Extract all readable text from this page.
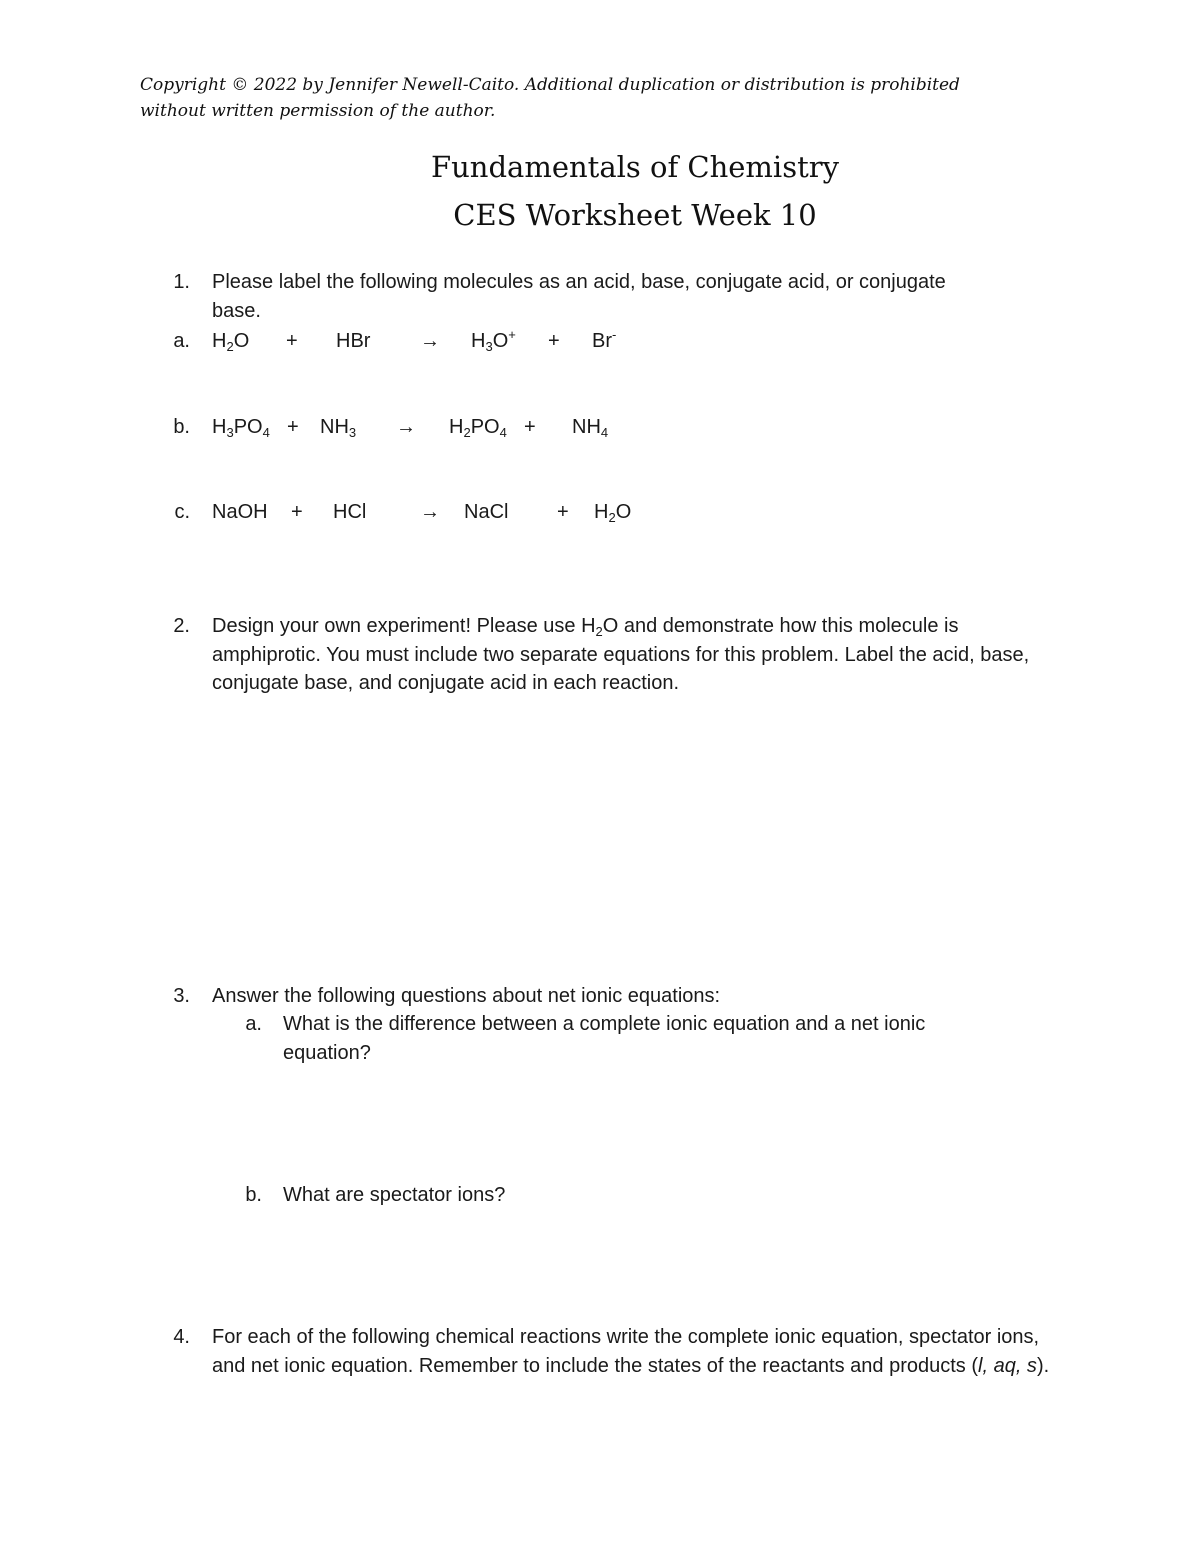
Copyright © 2022 by Jennifer Newell-Caito. Additional duplication or distribution is prohibited
without written permission of the author.
Fundamentals of Chemistry
CES Worksheet Week 10
1. Please label the following molecules as an acid, base, conjugate acid, or conjugate
base.
a. $H_2O$ + HBr → $H_3O^+ + Br^-$
b. $H_3PO_4 + NH_3 \to H_2PO_4 + NH_4$
c. NaOH + HCl	→ NaCl + $H_2O$
2. Design your own experiment! Please use $H_2O$ and demonstrate how this molecule is amphiprotic. You must include two separate equations for this problem. Label the acid, base, conjugate base, and conjugate acid in each reaction.
3. Answer the following questions about net ionic equations:
a. What is the difference between a complete ionic equation and a net ionic equation?
b. What are spectator ions?
4. For each of the following chemical reactions write the complete ionic equation, spectator ions, and net ionic equation. Remember to include the states of the reactants and products (l, aq, s).
